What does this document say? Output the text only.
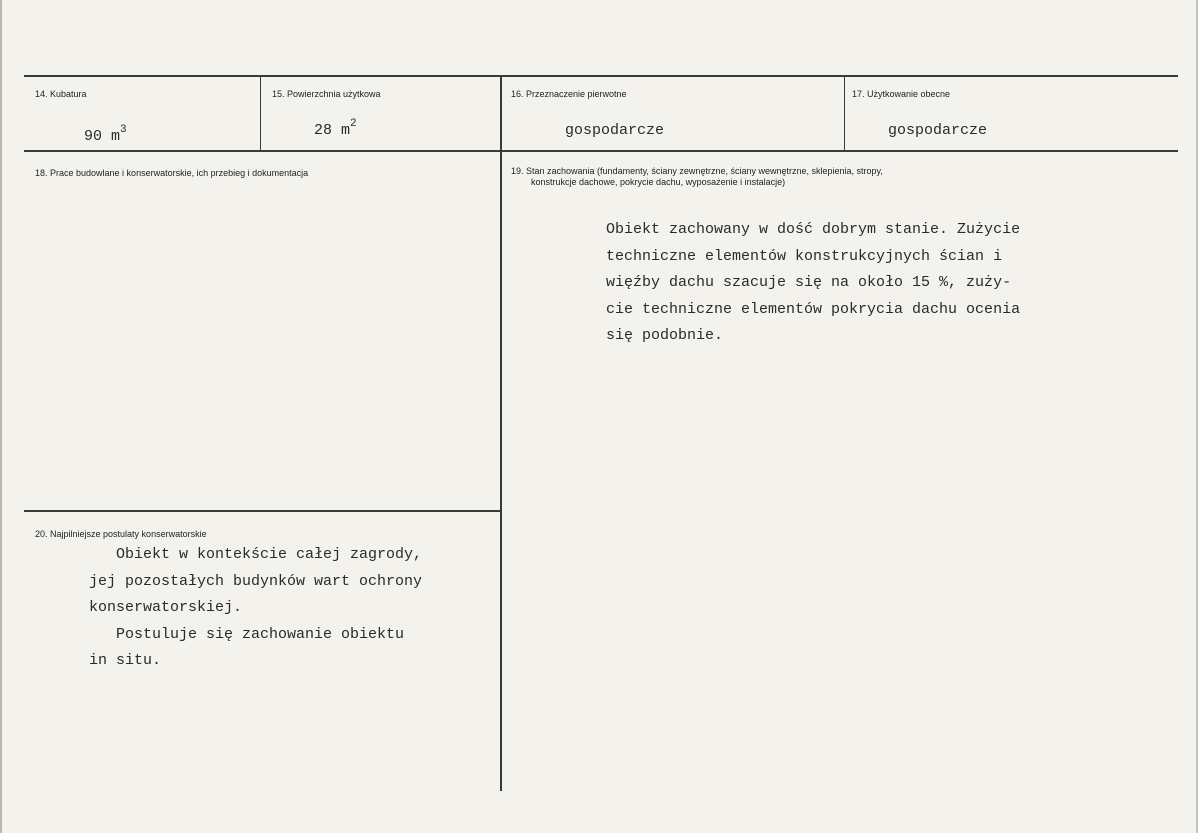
14. Kubatura
90 $m^3$
15. Powierzchnia użytkowa
28 $m^2$
16. Przeznaczenie pierwotne
gospodarcze
17. Użytkowanie obecne
gospodarcze
18. Prace budowlane i konserwatorskie, ich przebieg i dokumentacja	19. Stan zachowania (fundamenty, ściany zewnętrzne, ściany wewnętrzne, sklepienia, stropy,
konstrukcje dachowe, pokrycie dachu, wyposażenie i instalacje)
Obiekt zachowany w dość dobrym stanie. Zużycie
techniczne elementów konstrukcyjnych ścian i
więźby dachu szacuje się na około 15 %, zuży-
cie techniczne elementów pokrycia dachu ocenia
się podobnie.
20. Najpilniejsze postulaty konserwatorskie
Obiekt w kontekście całej zagrody,
jej pozostałych budynków wart ochrony
konserwatorskiej.
Postuluje się zachowanie obiektu
in situ.
